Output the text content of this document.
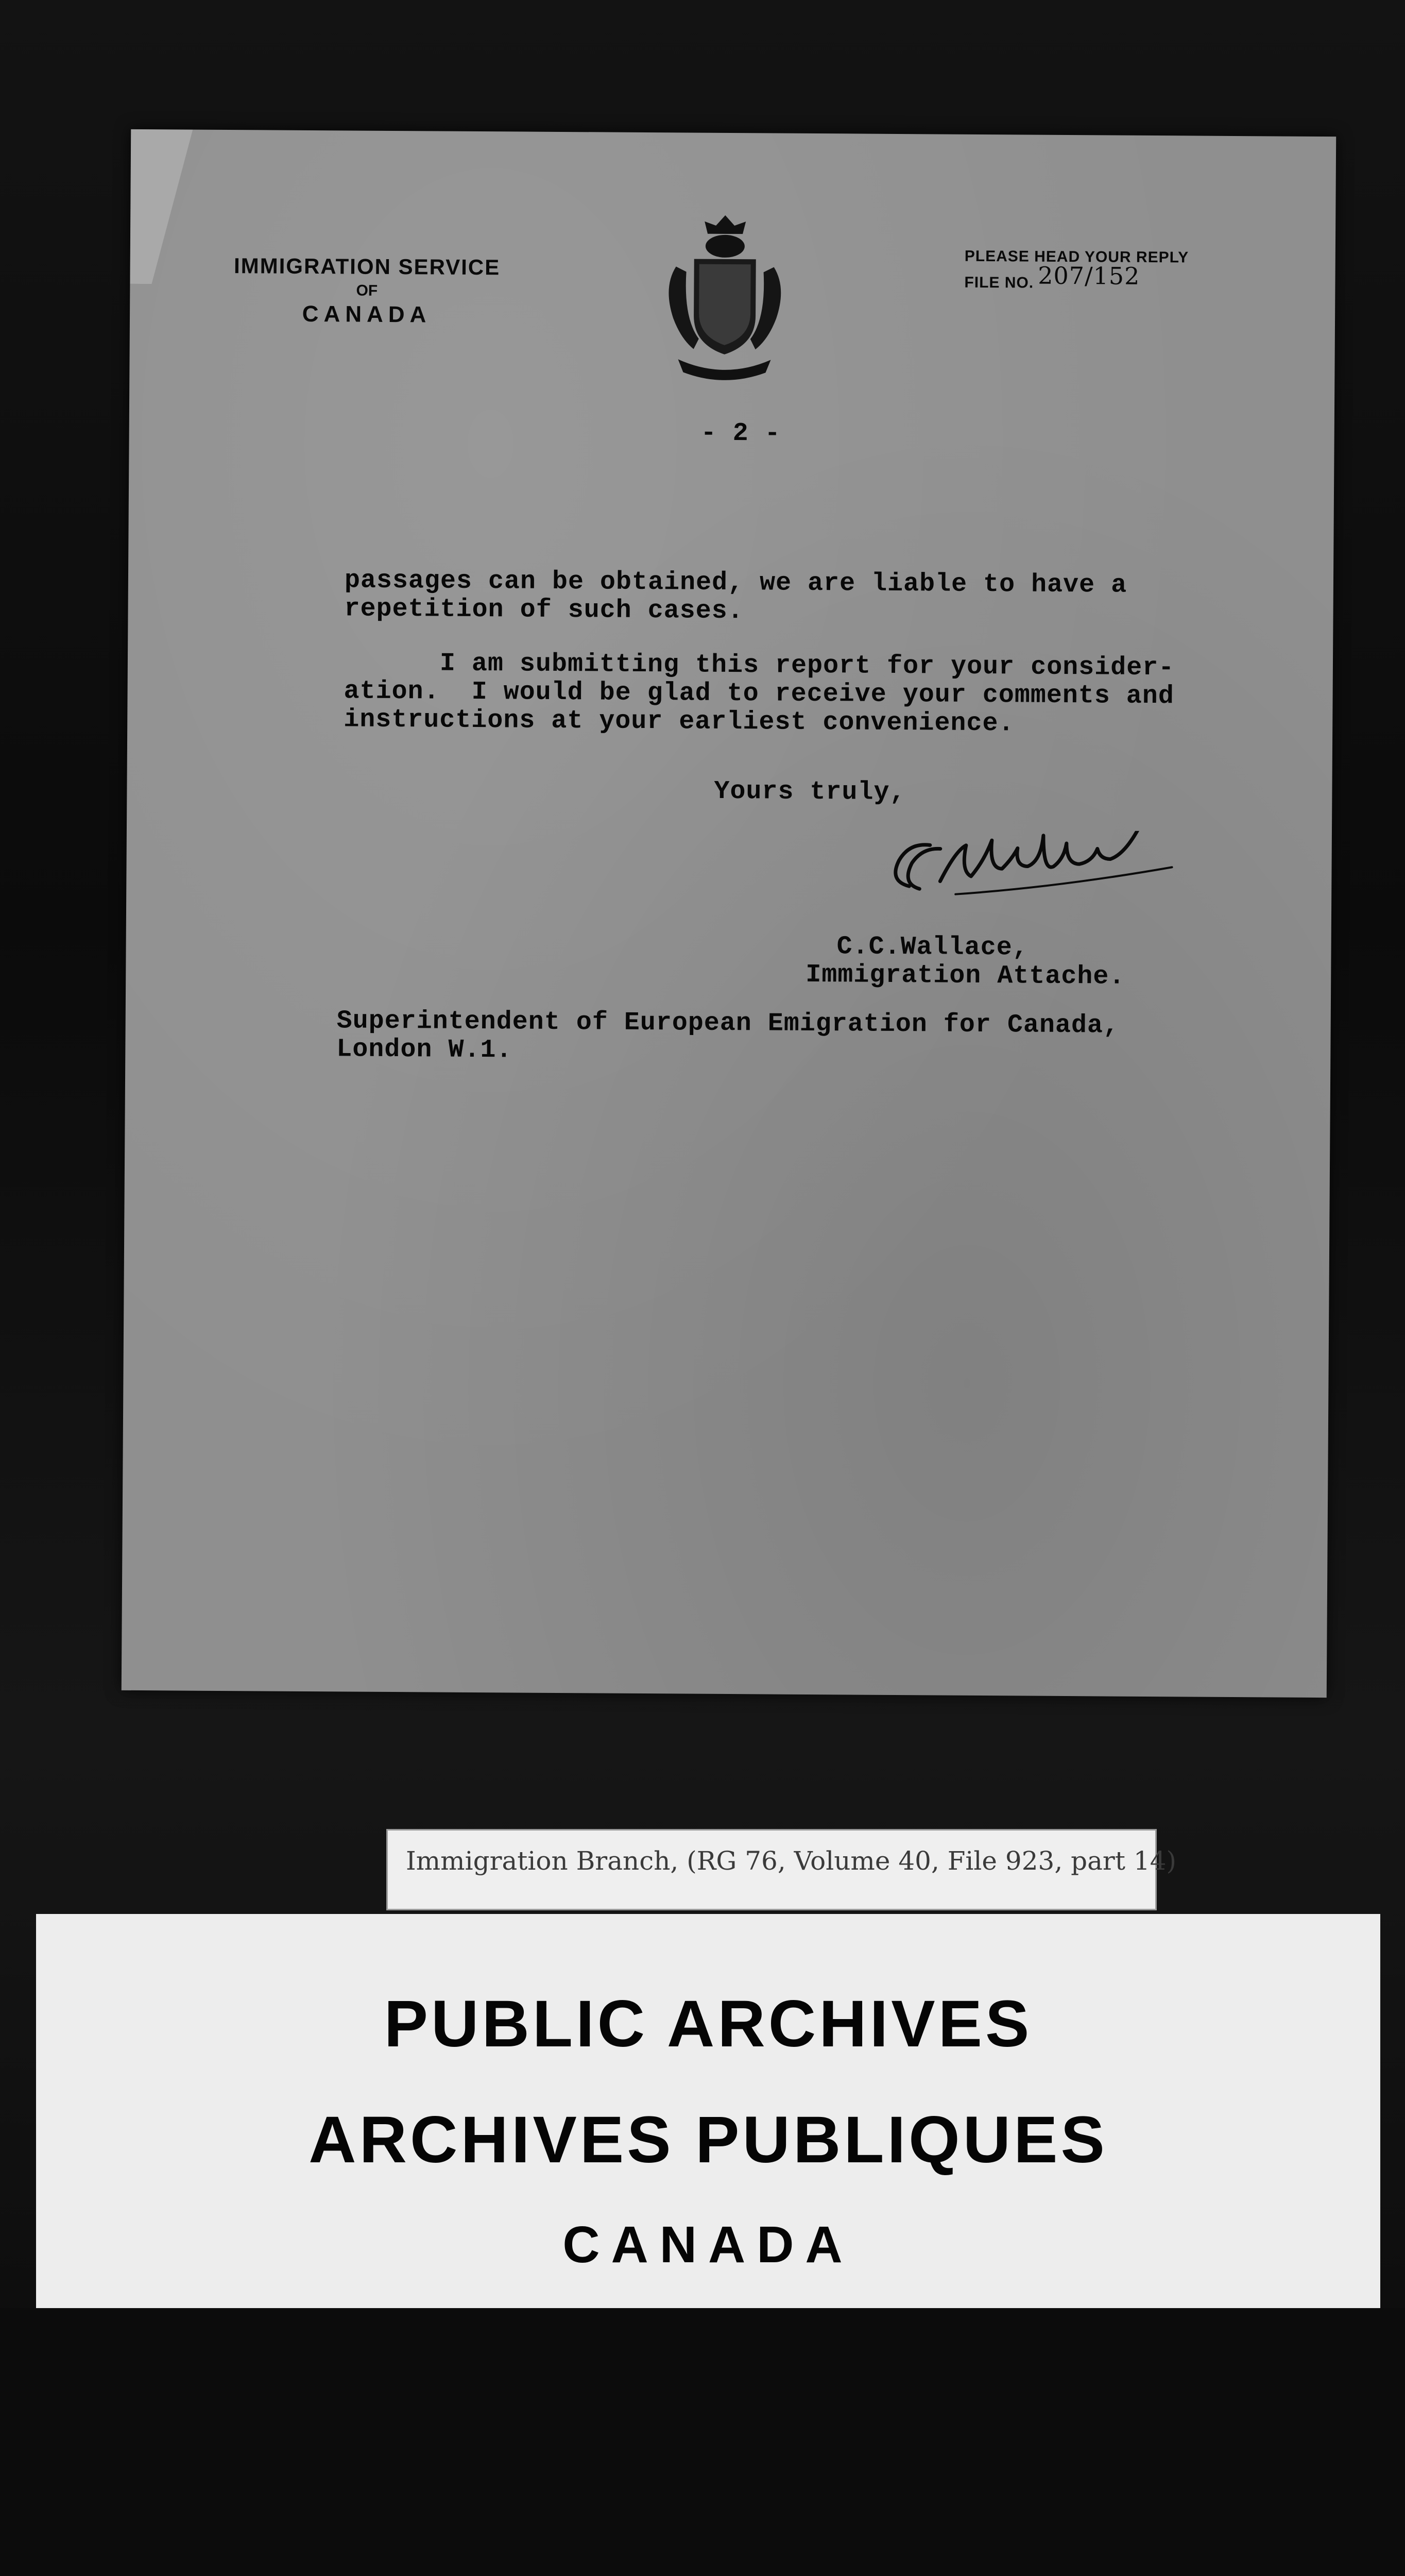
IMMIGRATION SERVICE
OF
CANADA
PLEASE HEAD YOUR REPLY
FILE NO. 207/152
- 2 -
passages can be obtained, we are liable to have a
repetition of such cases.
I am submitting this report for your consider-
ation.  I would be glad to receive your comments and
instructions at your earliest convenience.
Yours truly,
C.C.Wallace,
Immigration Attache.
Superintendent of European Emigration for Canada,
London W.1.
Immigration Branch, (RG 76, Volume 40, File 923, part 14)
PUBLIC ARCHIVES
ARCHIVES PUBLIQUES
CANADA
